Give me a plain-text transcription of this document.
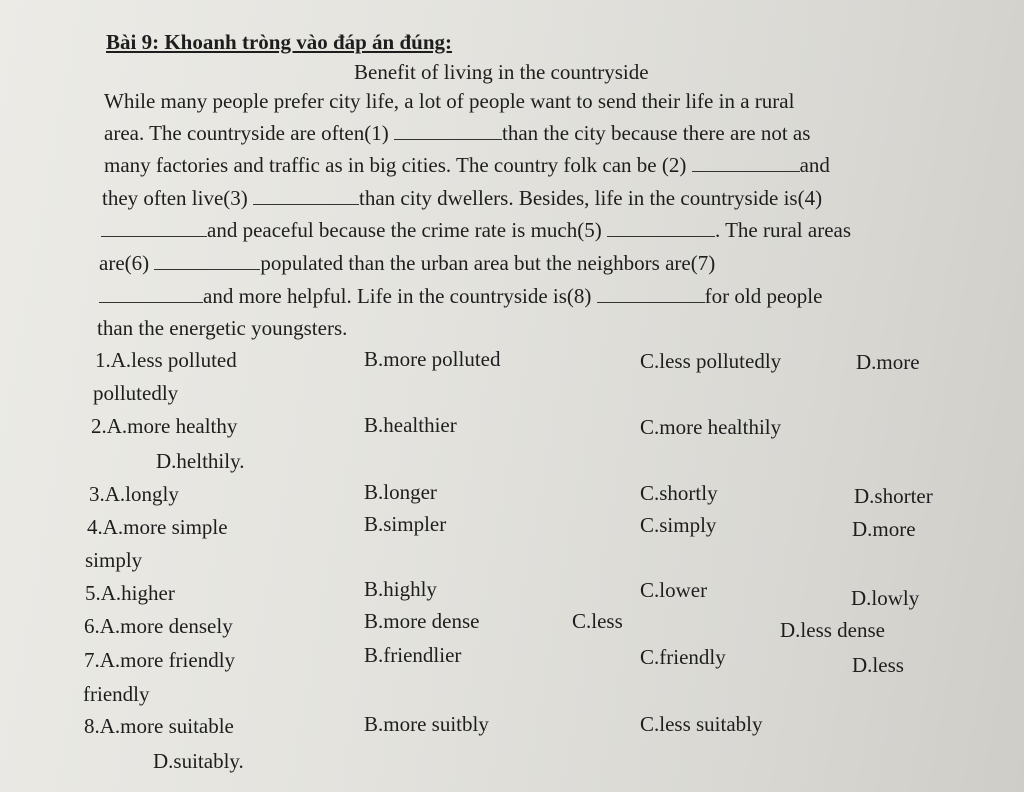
Bài 9: Khoanh tròng vào đáp án đúng:
Benefit of living in the countryside
While many people prefer city life, a lot of people want to send their life in a rural
area. The countryside are often(1)	than the city because there are not as
many factories and traffic as in big cities. The country folk can be (2)	and
they often live(3)	than city dwellers. Besides, life in the countryside is(4)
and peaceful because the crime rate is much(5)	. The rural areas
are(6)	populated than the urban area but the neighbors are(7)
and more helpful. Life in the countryside is(8)	for old people
than the energetic youngsters.
1.A.less polluted	B.more polluted	C.less pollutedly	D.more
pollutedly
2.A.more healthy	B.healthier	C.more healthily
D.helthily.
3.A.longly	B.longer	C.shortly	D.shorter
4.A.more simple	B.simpler	C.simply	D.more
simply
5.A.higher	B.highly	C.lower	D.lowly
6.A.more densely	B.more dense	C.less	D.less dense
7.A.more friendly	B.friendlier	C.friendly	D.less
friendly
8.A.more suitable	B.more suitbly	C.less suitably
D.suitably.
